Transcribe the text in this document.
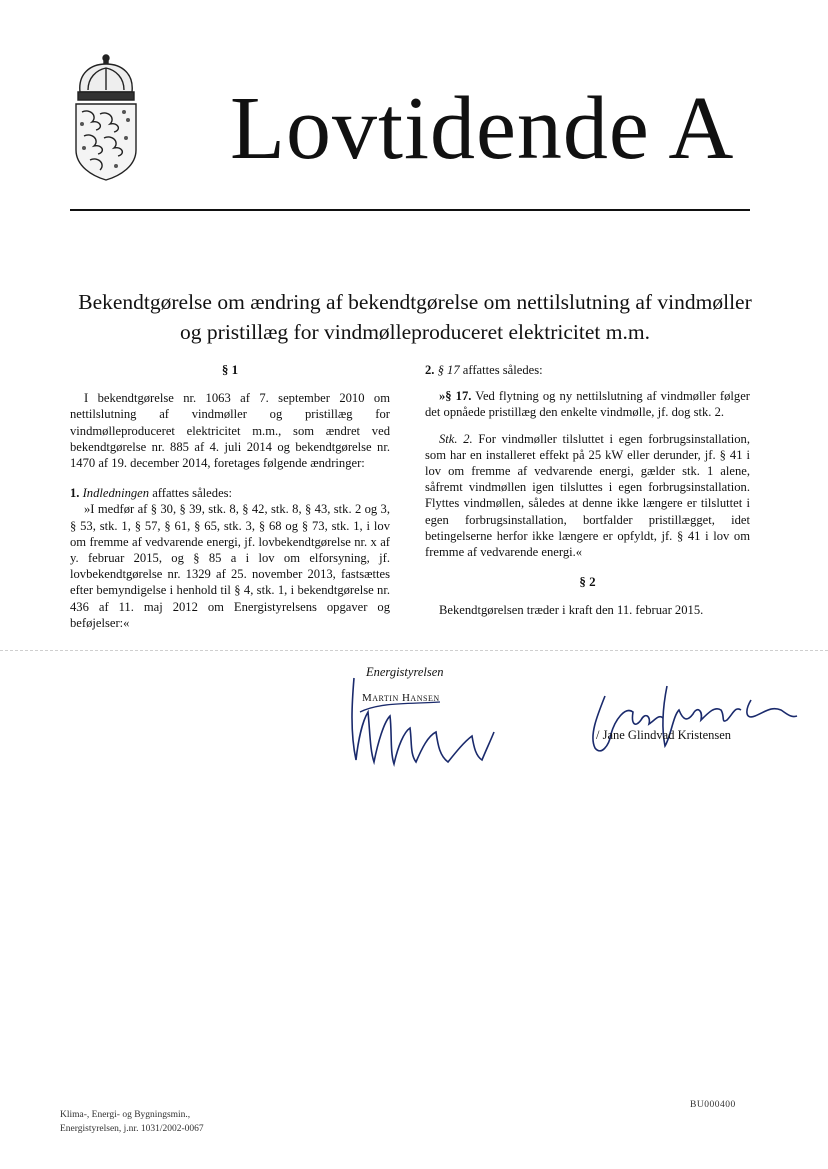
Lovtidende A
Bekendtgørelse om ændring af bekendtgørelse om nettilslutning af vindmøller
og pristillæg for vindmølleproduceret elektricitet m.m.

§ 1

I bekendtgørelse nr. 1063 af 7. september 2010 om nettilslutning af vindmøller og pristillæg for vindmølleproduceret elektricitet m.m., som ændret ved bekendtgørelse nr. 885 af 4. juli 2014 og bekendtgørelse nr. 1470 af 19. december 2014, foretages følgende ændringer:

1. Indledningen affattes således:

»I medfør af § 30, § 39, stk. 8, § 42, stk. 8, § 43, stk. 2 og 3, § 53, stk. 1, § 57, § 61, § 65, stk. 3, § 68 og § 73, stk. 1, i lov om fremme af vedvarende energi, jf. lovbekendtgørelse nr. x af y. februar 2015, og § 85 a i lov om elforsyning, jf. lovbekendtgørelse nr. 1329 af 25. november 2013, fastsættes efter bemyndigelse i henhold til § 4, stk. 1, i bekendtgørelse nr. 436 af 11. maj 2012 om Energistyrelsens opgaver og beføjelser:«

2. § 17 affattes således:

»§ 17. Ved flytning og ny nettilslutning af vindmøller følger det opnåede pristillæg den enkelte vindmølle, jf. dog stk. 2.

Stk. 2. For vindmøller tilsluttet i egen forbrugsinstallation, som har en installeret effekt på 25 kW eller derunder, jf. § 41 i lov om fremme af vedvarende energi, gælder stk. 1 alene, såfremt vindmøllen igen tilsluttes i egen forbrugsinstallation. Flyttes vindmøllen, således at denne ikke længere er tilsluttet i egen forbrugsinstallation, bortfalder pristillægget, idet betingelserne herfor ikke længere er opfyldt, jf. § 41 i lov om fremme af vedvarende energi.«

§ 2

Bekendtgørelsen træder i kraft den 11. februar 2015.

Energistyrelsen
Martin Hansen
/ Jane Glindvad Kristensen
Klima-, Energi- og Bygningsmin.,
Energistyrelsen, j.nr. 1031/2002-0067
BU000400
